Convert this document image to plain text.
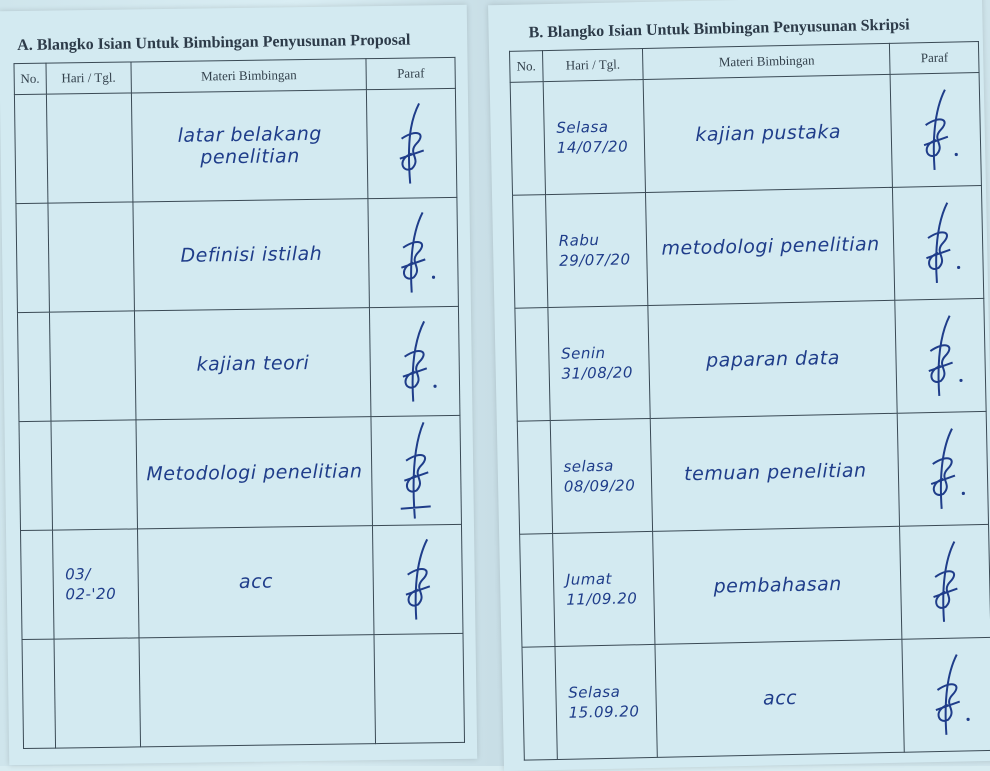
A. Blangko Isian Untuk Bimbingan Penyusunan Proposal
No.	Hari / Tgl.	Materi Bimbingan	Paraf
		latar belakang penelitian	

		Definisi istilah	

		kajian teori	

		Metodologi penelitian	

	03/
02-'20	acc	

B. Blangko Isian Untuk Bimbingan Penyusunan Skripsi
No.	Hari / Tgl.	Materi Bimbingan	Paraf

	Selasa
14/07/20	kajian pustaka	

	Rabu
29/07/20	metodologi penelitian	

	Senin
31/08/20	paparan data	

	selasa
08/09/20	temuan penelitian	

	Jumat
11/09.20	pembahasan	

	Selasa
15.09.20	acc	
